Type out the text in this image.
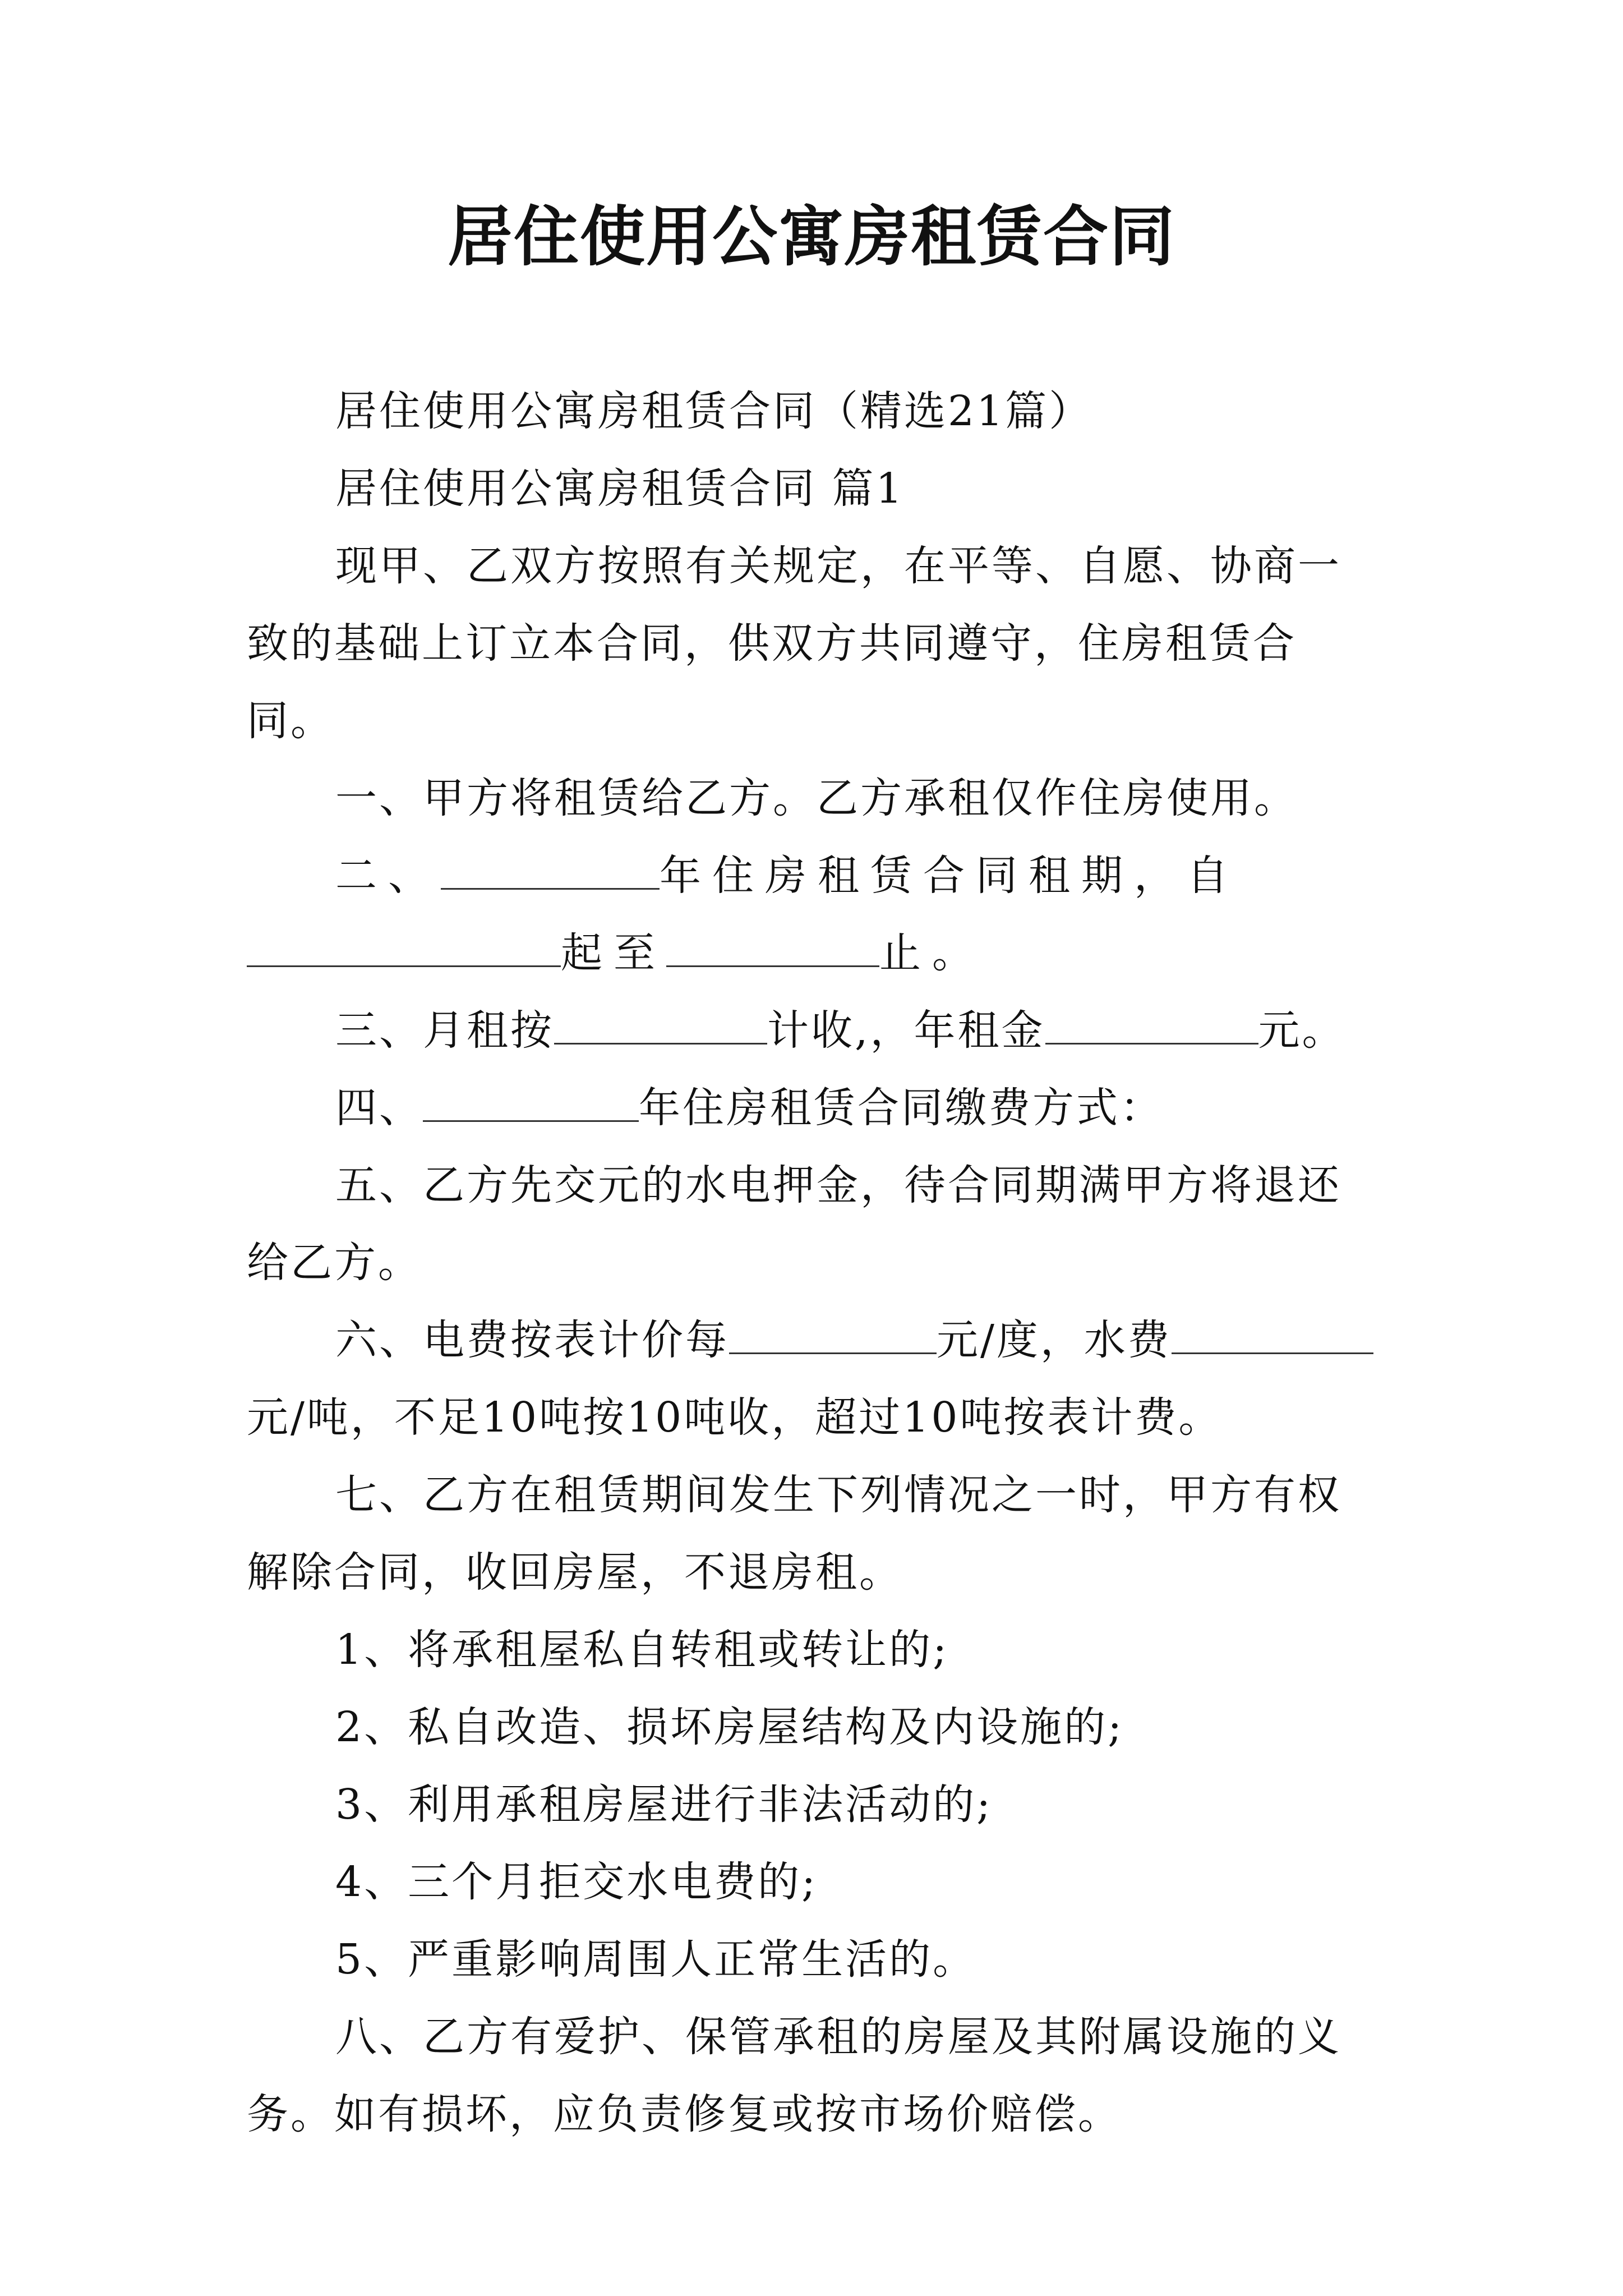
居住使用公寓房租赁合同

居住使用公寓房租赁合同（精选21篇）

居住使用公寓房租赁合同 篇1

现甲、乙双方按照有关规定，在平等、自愿、协商一致的基础上订立本合同，供双方共同遵守，住房租赁合同。

一、甲方将租赁给乙方。乙方承租仅作住房使用。

二、	年住房租赁合同租期，自起至	止。

三、月租按	计收,，年租金	元。

四、	年住房租赁合同缴费方式：

五、乙方先交元的水电押金，待合同期满甲方将退还给乙方。

六、电费按表计价每	元/度，水费元/吨，不足10吨按10吨收，超过10吨按表计费。

七、乙方在租赁期间发生下列情况之一时，甲方有权解除合同，收回房屋，不退房租。

1、将承租屋私自转租或转让的;

2、私自改造、损坏房屋结构及内设施的;

3、利用承租房屋进行非法活动的;

4、三个月拒交水电费的;

5、严重影响周围人正常生活的。

八、乙方有爱护、保管承租的房屋及其附属设施的义务。如有损坏，应负责修复或按市场价赔偿。
